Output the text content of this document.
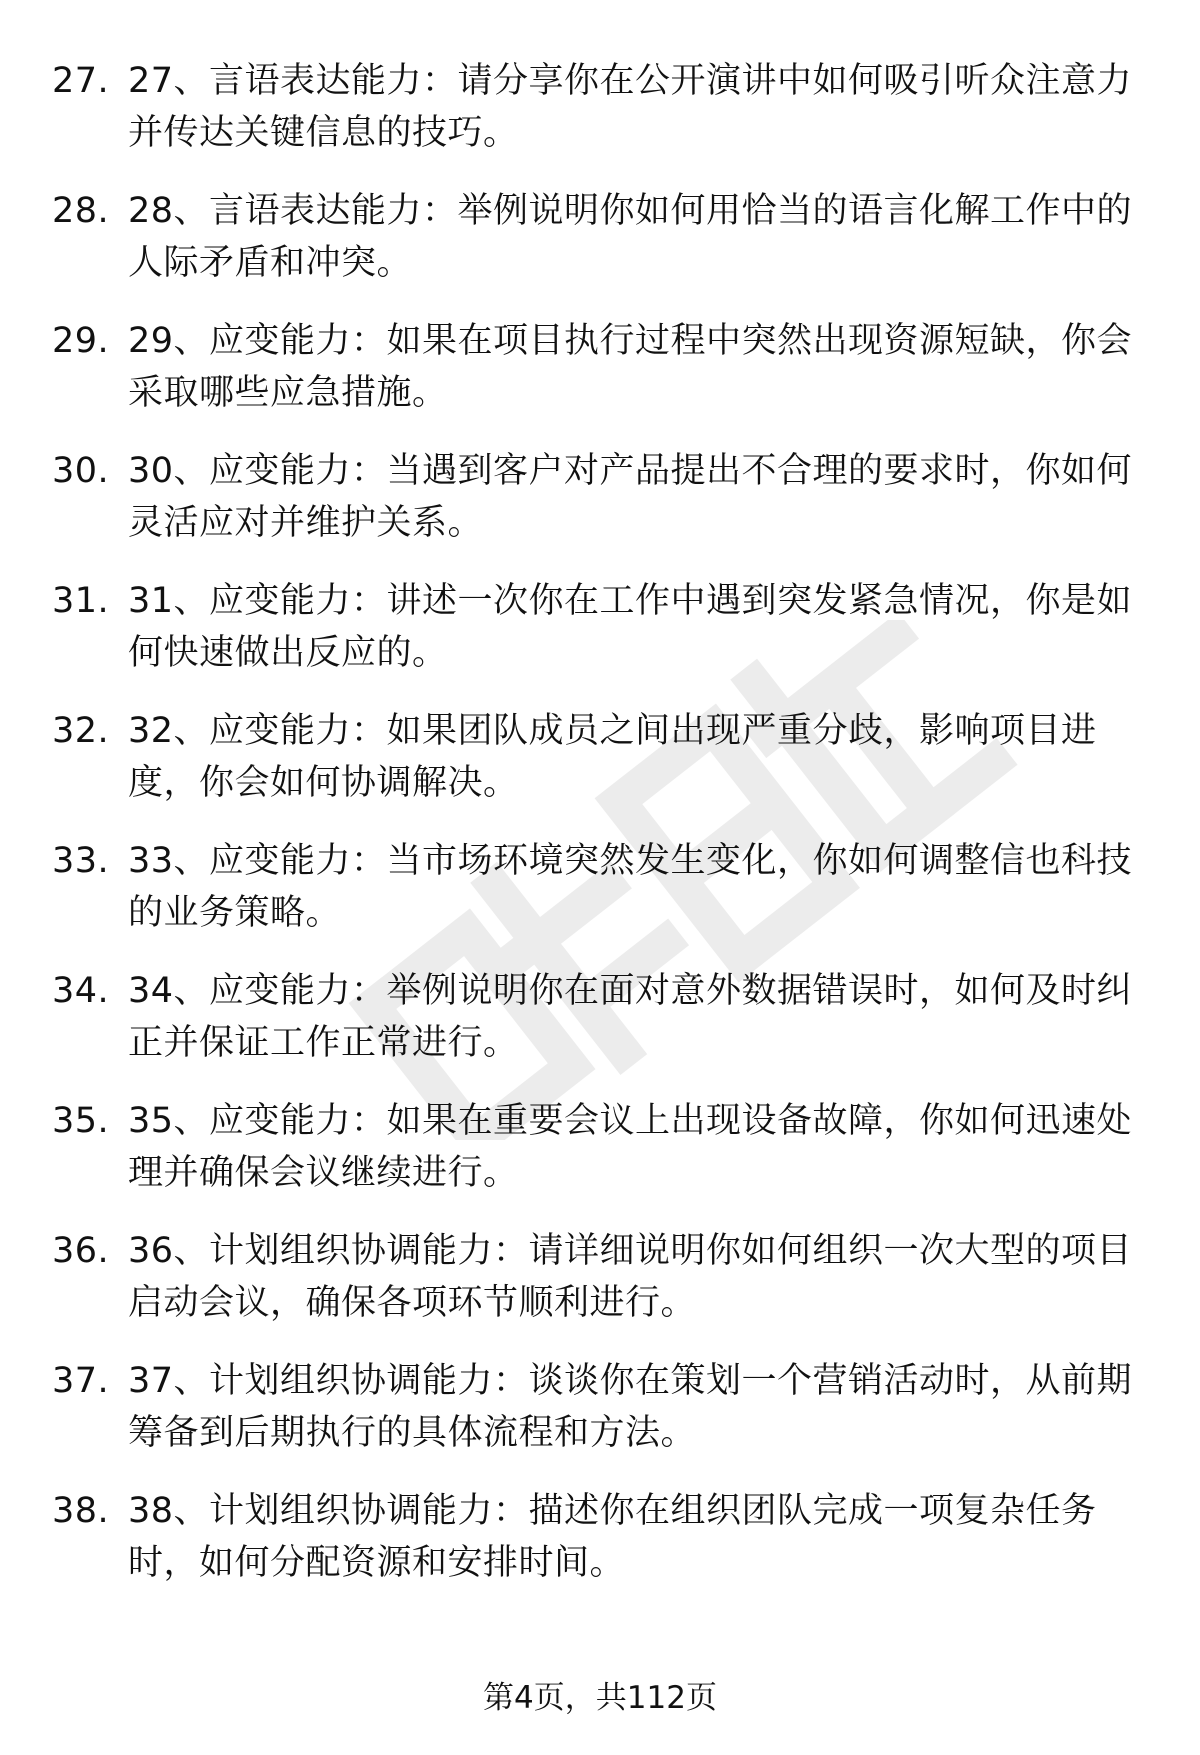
27. 27、言语表达能力：请分享你在公开演讲中如何吸引听众注意力并传达关键信息的技巧。
28. 28、言语表达能力：举例说明你如何用恰当的语言化解工作中的人际矛盾和冲突。
29. 29、应变能力：如果在项目执行过程中突然出现资源短缺，你会采取哪些应急措施。
30. 30、应变能力：当遇到客户对产品提出不合理的要求时，你如何灵活应对并维护关系。
31. 31、应变能力：讲述一次你在工作中遇到突发紧急情况，你是如何快速做出反应的。
32. 32、应变能力：如果团队成员之间出现严重分歧，影响项目进度，你会如何协调解决。
33. 33、应变能力：当市场环境突然发生变化，你如何调整信也科技的业务策略。
34. 34、应变能力：举例说明你在面对意外数据错误时，如何及时纠正并保证工作正常进行。
35. 35、应变能力：如果在重要会议上出现设备故障，你如何迅速处理并确保会议继续进行。
36. 36、计划组织协调能力：请详细说明你如何组织一次大型的项目启动会议，确保各项环节顺利进行。
37. 37、计划组织协调能力：谈谈你在策划一个营销活动时，从前期筹备到后期执行的具体流程和方法。
38. 38、计划组织协调能力：描述你在组织团队完成一项复杂任务时，如何分配资源和安排时间。
第4页，共112页
